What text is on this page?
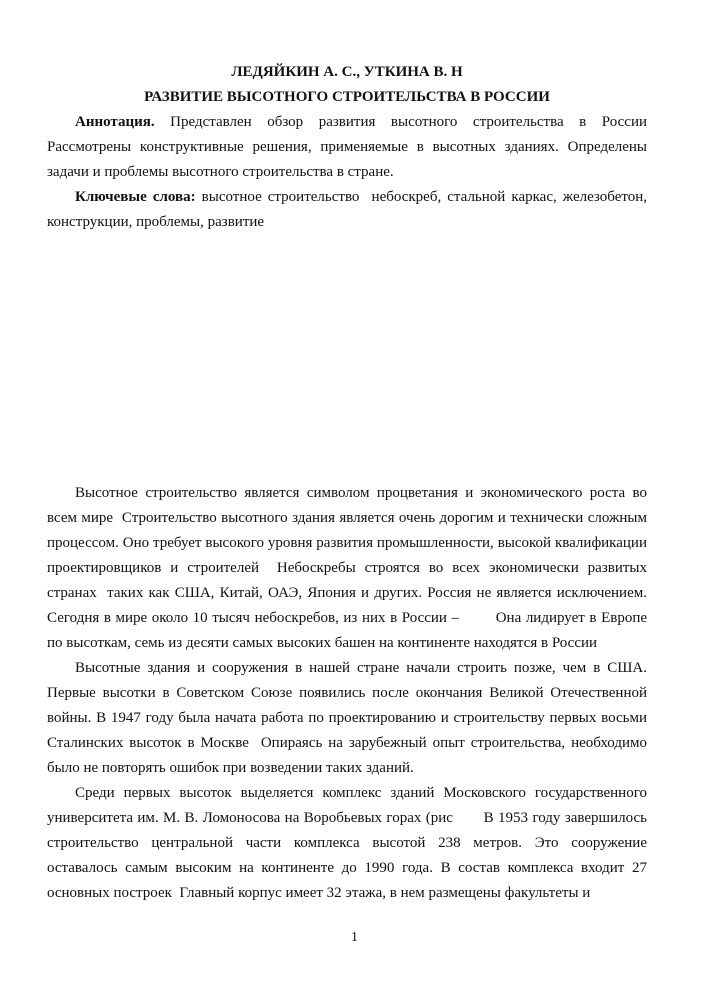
ЛЕДЯЙКИН А. С., УТКИНА В. Н

РАЗВИТИЕ ВЫСОТНОГО СТРОИТЕЛЬСТВА В РОССИИ

Аннотация. Представлен обзор развития высотного строительства в России Рассмотрены конструктивные решения, применяемые в высотных зданиях. Определены задачи и проблемы высотного строительства в стране.

Ключевые слова: высотное строительство  небоскреб, стальной каркас, железобетон, конструкции, проблемы, развитие

Высотное строительство является символом процветания и экономического роста во всем мире  Строительство высотного здания является очень дорогим и технически сложным процессом. Оно требует высокого уровня развития промышленности, высокой квалификации проектировщиков и строителей  Небоскребы строятся во всех экономически развитых странах  таких как США, Китай, ОАЭ, Япония и других. Россия не является исключением. Сегодня в мире около 10 тысяч небоскребов, из них в России –        Она лидирует в Европе по высоткам, семь из десяти самых высоких башен на континенте находятся в России

Высотные здания и сооружения в нашей стране начали строить позже, чем в США. Первые высотки в Советском Союзе появились после окончания Великой Отечественной войны. В 1947 году была начата работа по проектированию и строительству первых восьми Сталинских высоток в Москве  Опираясь на зарубежный опыт строительства, необходимо было не повторять ошибок при возведении таких зданий.

Среди первых высоток выделяется комплекс зданий Московского государственного университета им. М. В. Ломоносова на Воробьевых горах (рис       В 1953 году завершилось строительство центральной части комплекса высотой 238 метров. Это сооружение оставалось самым высоким на континенте до 1990 года. В состав комплекса входит 27 основных построек  Главный корпус имеет 32 этажа, в нем размещены факультеты и

1
